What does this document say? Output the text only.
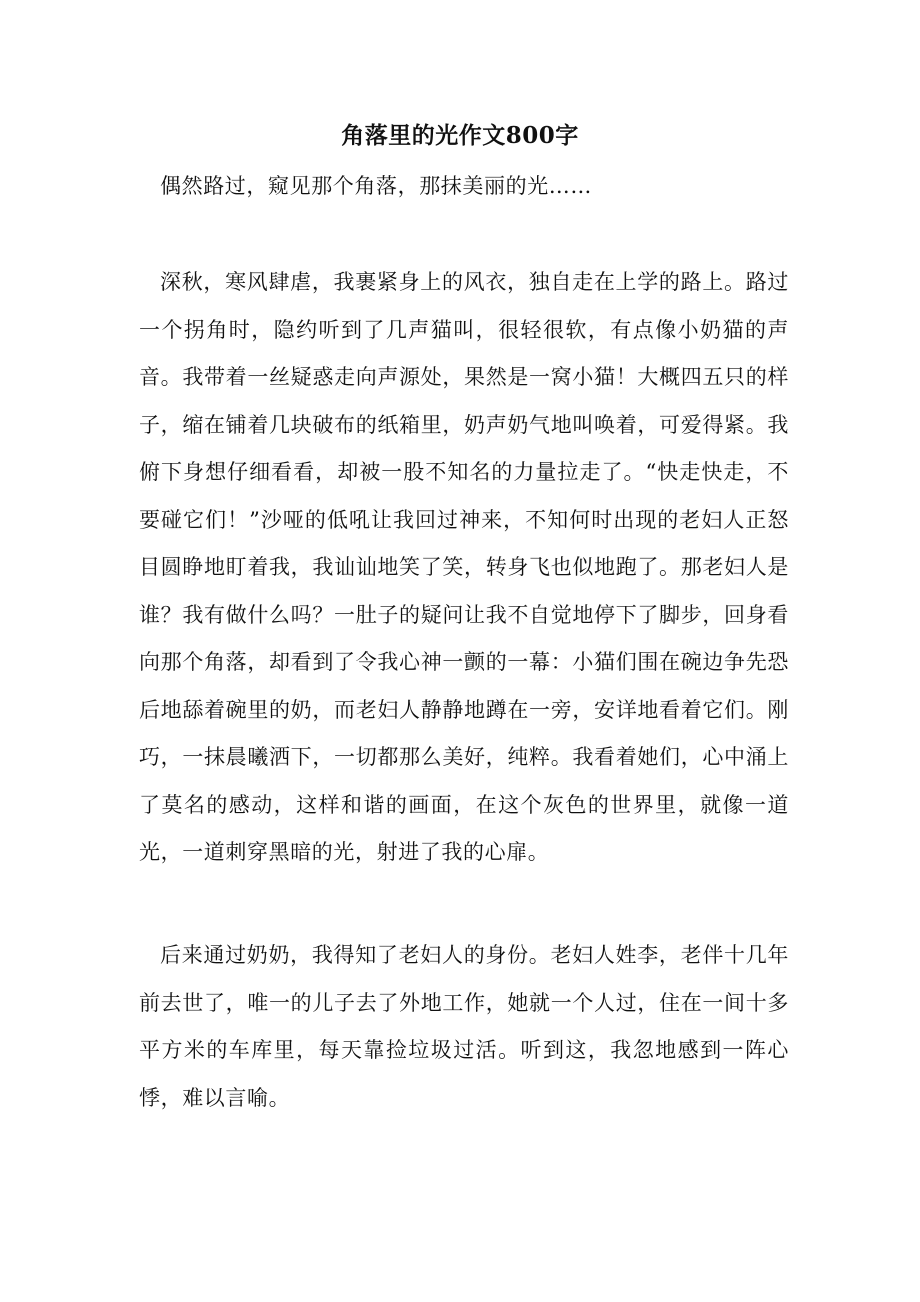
角落里的光作文800字
偶然路过，窥见那个角落，那抹美丽的光……
深秋，寒风肆虐，我裹紧身上的风衣，独自走在上学的路上。路过一个拐角时，隐约听到了几声猫叫，很轻很软，有点像小奶猫的声音。我带着一丝疑惑走向声源处，果然是一窝小猫！大概四五只的样子，缩在铺着几块破布的纸箱里，奶声奶气地叫唤着，可爱得紧。我俯下身想仔细看看，却被一股不知名的力量拉走了。“快走快走，不要碰它们！”沙哑的低吼让我回过神来，不知何时出现的老妇人正怒目圆睁地盯着我，我讪讪地笑了笑，转身飞也似地跑了。那老妇人是谁？我有做什么吗？一肚子的疑问让我不自觉地停下了脚步，回身看向那个角落，却看到了令我心神一颤的一幕：小猫们围在碗边争先恐后地舔着碗里的奶，而老妇人静静地蹲在一旁，安详地看着它们。刚巧，一抹晨曦洒下，一切都那么美好，纯粹。我看着她们，心中涌上了莫名的感动，这样和谐的画面，在这个灰色的世界里，就像一道光，一道刺穿黑暗的光，射进了我的心扉。
后来通过奶奶，我得知了老妇人的身份。老妇人姓李，老伴十几年前去世了，唯一的儿子去了外地工作，她就一个人过，住在一间十多平方米的车库里，每天靠捡垃圾过活。听到这，我忽地感到一阵心悸，难以言喻。
